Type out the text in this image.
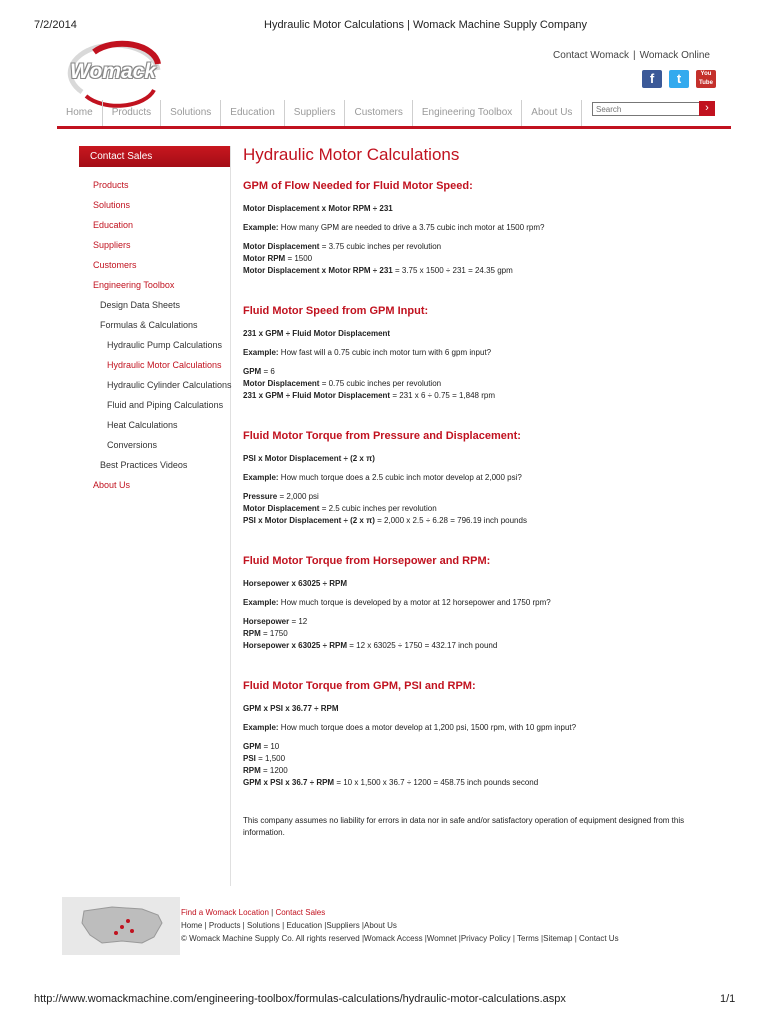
7/2/2014	Hydraulic Motor Calculations | Womack Machine Supply Company
http://www.womackmachine.com/engineering-toolbox/formulas-calculations/hydraulic-motor-calculations.aspx	1/1
Womack
Contact Womack | Womack Online
f	t	You Tube
Home	Products	Solutions	Education	Suppliers	Customers	Engineering Toolbox	About Us
Search	›
Contact Sales
Products
Solutions
Education
Suppliers
Customers
Engineering Toolbox
Design Data Sheets
Formulas & Calculations
Hydraulic Pump Calculations
Hydraulic Motor Calculations
Hydraulic Cylinder Calculations
Fluid and Piping Calculations
Heat Calculations
Conversions
Best Practices Videos
About Us
Hydraulic Motor Calculations
GPM of Flow Needed for Fluid Motor Speed:
Motor Displacement x Motor RPM ÷ 231
Example: How many GPM are needed to drive a 3.75 cubic inch motor at 1500 rpm?
Motor Displacement = 3.75 cubic inches per revolution
Motor RPM = 1500
Motor Displacement x Motor RPM ÷ 231 = 3.75 x 1500 ÷ 231 = 24.35 gpm
Fluid Motor Speed from GPM Input:
231 x GPM ÷ Fluid Motor Displacement
Example: How fast will a 0.75 cubic inch motor turn with 6 gpm input?
GPM = 6
Motor Displacement = 0.75 cubic inches per revolution
231 x GPM ÷ Fluid Motor Displacement = 231 x 6 ÷ 0.75 = 1,848 rpm
Fluid Motor Torque from Pressure and Displacement:
PSI x Motor Displacement ÷ (2 x π)
Example: How much torque does a 2.5 cubic inch motor develop at 2,000 psi?
Pressure = 2,000 psi
Motor Displacement = 2.5 cubic inches per revolution
PSI x Motor Displacement ÷ (2 x π) = 2,000 x 2.5 ÷ 6.28 = 796.19 inch pounds
Fluid Motor Torque from Horsepower and RPM:
Horsepower x 63025 ÷ RPM
Example: How much torque is developed by a motor at 12 horsepower and 1750 rpm?
Horsepower = 12
RPM = 1750
Horsepower x 63025 ÷ RPM = 12 x 63025 ÷ 1750 = 432.17 inch pound
Fluid Motor Torque from GPM, PSI and RPM:
GPM x PSI x 36.77 ÷ RPM
Example: How much torque does a motor develop at 1,200 psi, 1500 rpm, with 10 gpm input?
GPM = 10
PSI = 1,500
RPM = 1200
GPM x PSI x 36.7 ÷ RPM = 10 x 1,500 x 36.7 ÷ 1200 = 458.75 inch pounds second
This company assumes no liability for errors in data nor in safe and/or satisfactory operation of equipment designed from this information.
Find a Womack Location | Contact Sales
Home | Products | Solutions | Education |Suppliers |About Us
© Womack Machine Supply Co. All rights reserved |Womack Access |Womnet |Privacy Policy | Terms |Sitemap | Contact Us
